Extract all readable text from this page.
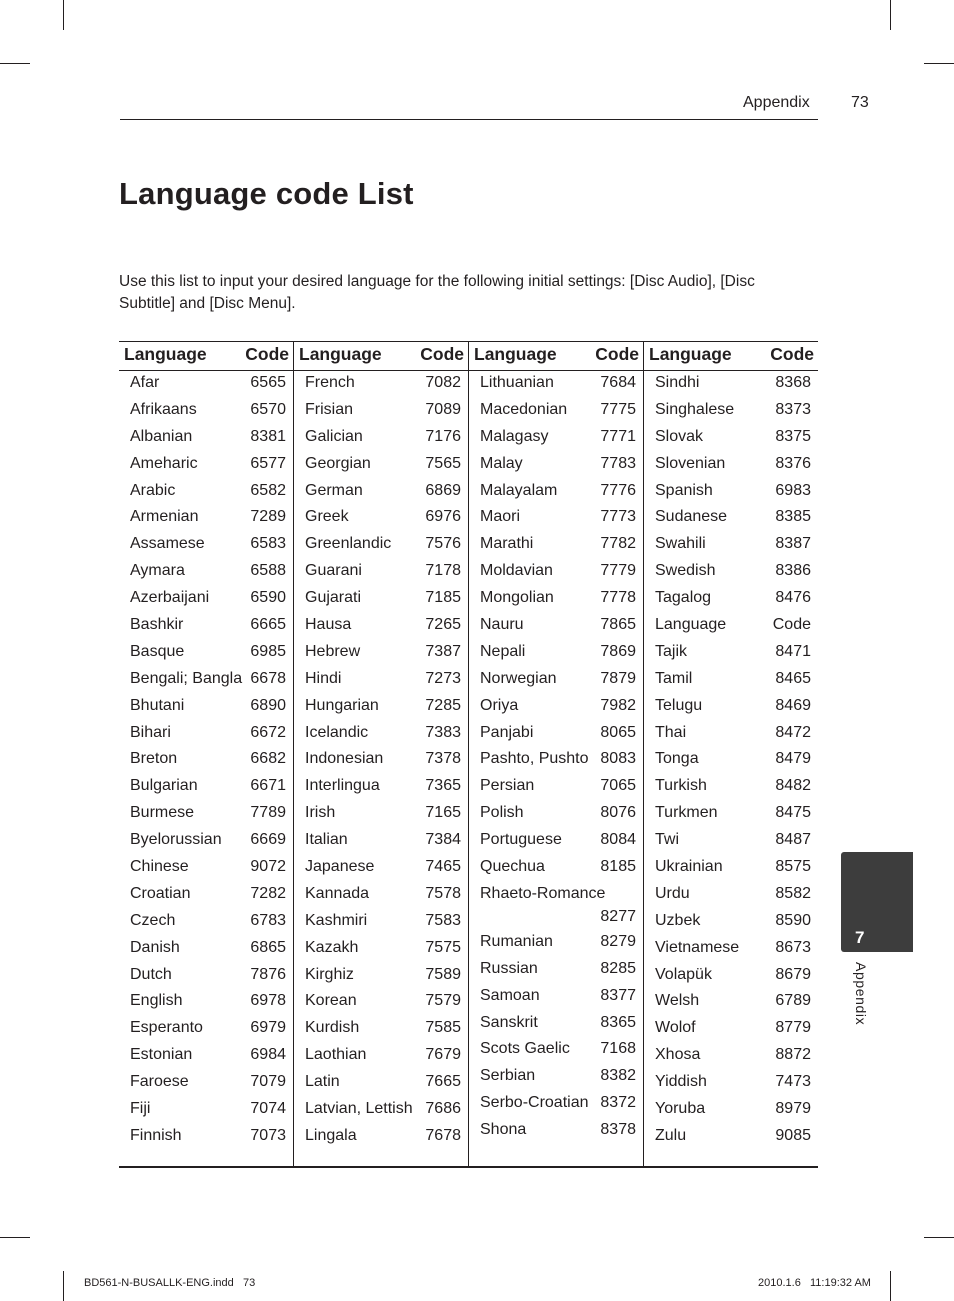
Appendix	73
Language code List

Use this list to input your desired language for the following initial settings: [Disc Audio], [Disc Subtitle] and [Disc Menu].

Language Code
Afar	6565
Afrikaans	6570
Albanian	8381
Ameharic	6577
Arabic	6582
Armenian	7289
Assamese	6583
Aymara	6588
Azerbaijani	6590
Bashkir	6665
Basque	6985
Bengali; Bangla 6678
Bhutani	6890
Bihari	6672
Breton	6682
Bulgarian	6671
Burmese	7789
Byelorussian 6669
Chinese	9072
Croatian	7282
Czech	6783
Danish	6865
Dutch	7876
English	6978
Esperanto	6979
Estonian	6984
Faroese	7079
Fiji	7074
Finnish	7073
Language Code
French	7082
Frisian	7089
Galician	7176
Georgian	7565
German	6869
Greek	6976
Greenlandic 7576
Guarani	7178
Gujarati	7185
Hausa	7265
Hebrew	7387
Hindi	7273
Hungarian	7285
Icelandic	7383
Indonesian	7378
Interlingua	7365
Irish	7165
Italian	7384
Japanese	7465
Kannada	7578
Kashmiri	7583
Kazakh	7575
Kirghiz	7589
Korean	7579
Kurdish	7585
Laothian	7679
Latin	7665
Latvian, Lettish 7686
Lingala	7678
Language Code
Lithuanian	7684
Macedonian 7775
Malagasy	7771
Malay	7783
Malayalam	7776
Maori	7773
Marathi	7782
Moldavian	7779
Mongolian	7778
Nauru	7865
Nepali	7869
Norwegian	7879
Oriya	7982
Panjabi	8065
Pashto, Pushto 8083
Persian	7065
Polish	8076
Portuguese 8084
Quechua	8185
Rhaeto-Romance
8277
Rumanian	8279
Russian	8285
Samoan	8377
Sanskrit	8365
Scots Gaelic 7168
Serbian	8382
Serbo-Croatian 8372
Shona	8378
Language Code
Sindhi	8368
Singhalese	8373
Slovak	8375
Slovenian	8376
Spanish	6983
Sudanese	8385
Swahili	8387
Swedish	8386
Tagalog	8476
Language	Code
Tajik	8471
Tamil	8465
Telugu	8469
Thai	8472
Tonga	8479
Turkish	8482
Turkmen	8475
Twi	8487
Ukrainian	8575
Urdu	8582
Uzbek	8590
Vietnamese 8673
Volapük	8679
Welsh	6789
Wolof	8779
Xhosa	8872
Yiddish	7473
Yoruba	8979
Zulu	9085
7
Appendix
BD561-N-BUSALLK-ENG.indd   73	2010.1.6   11:19:32 AM
